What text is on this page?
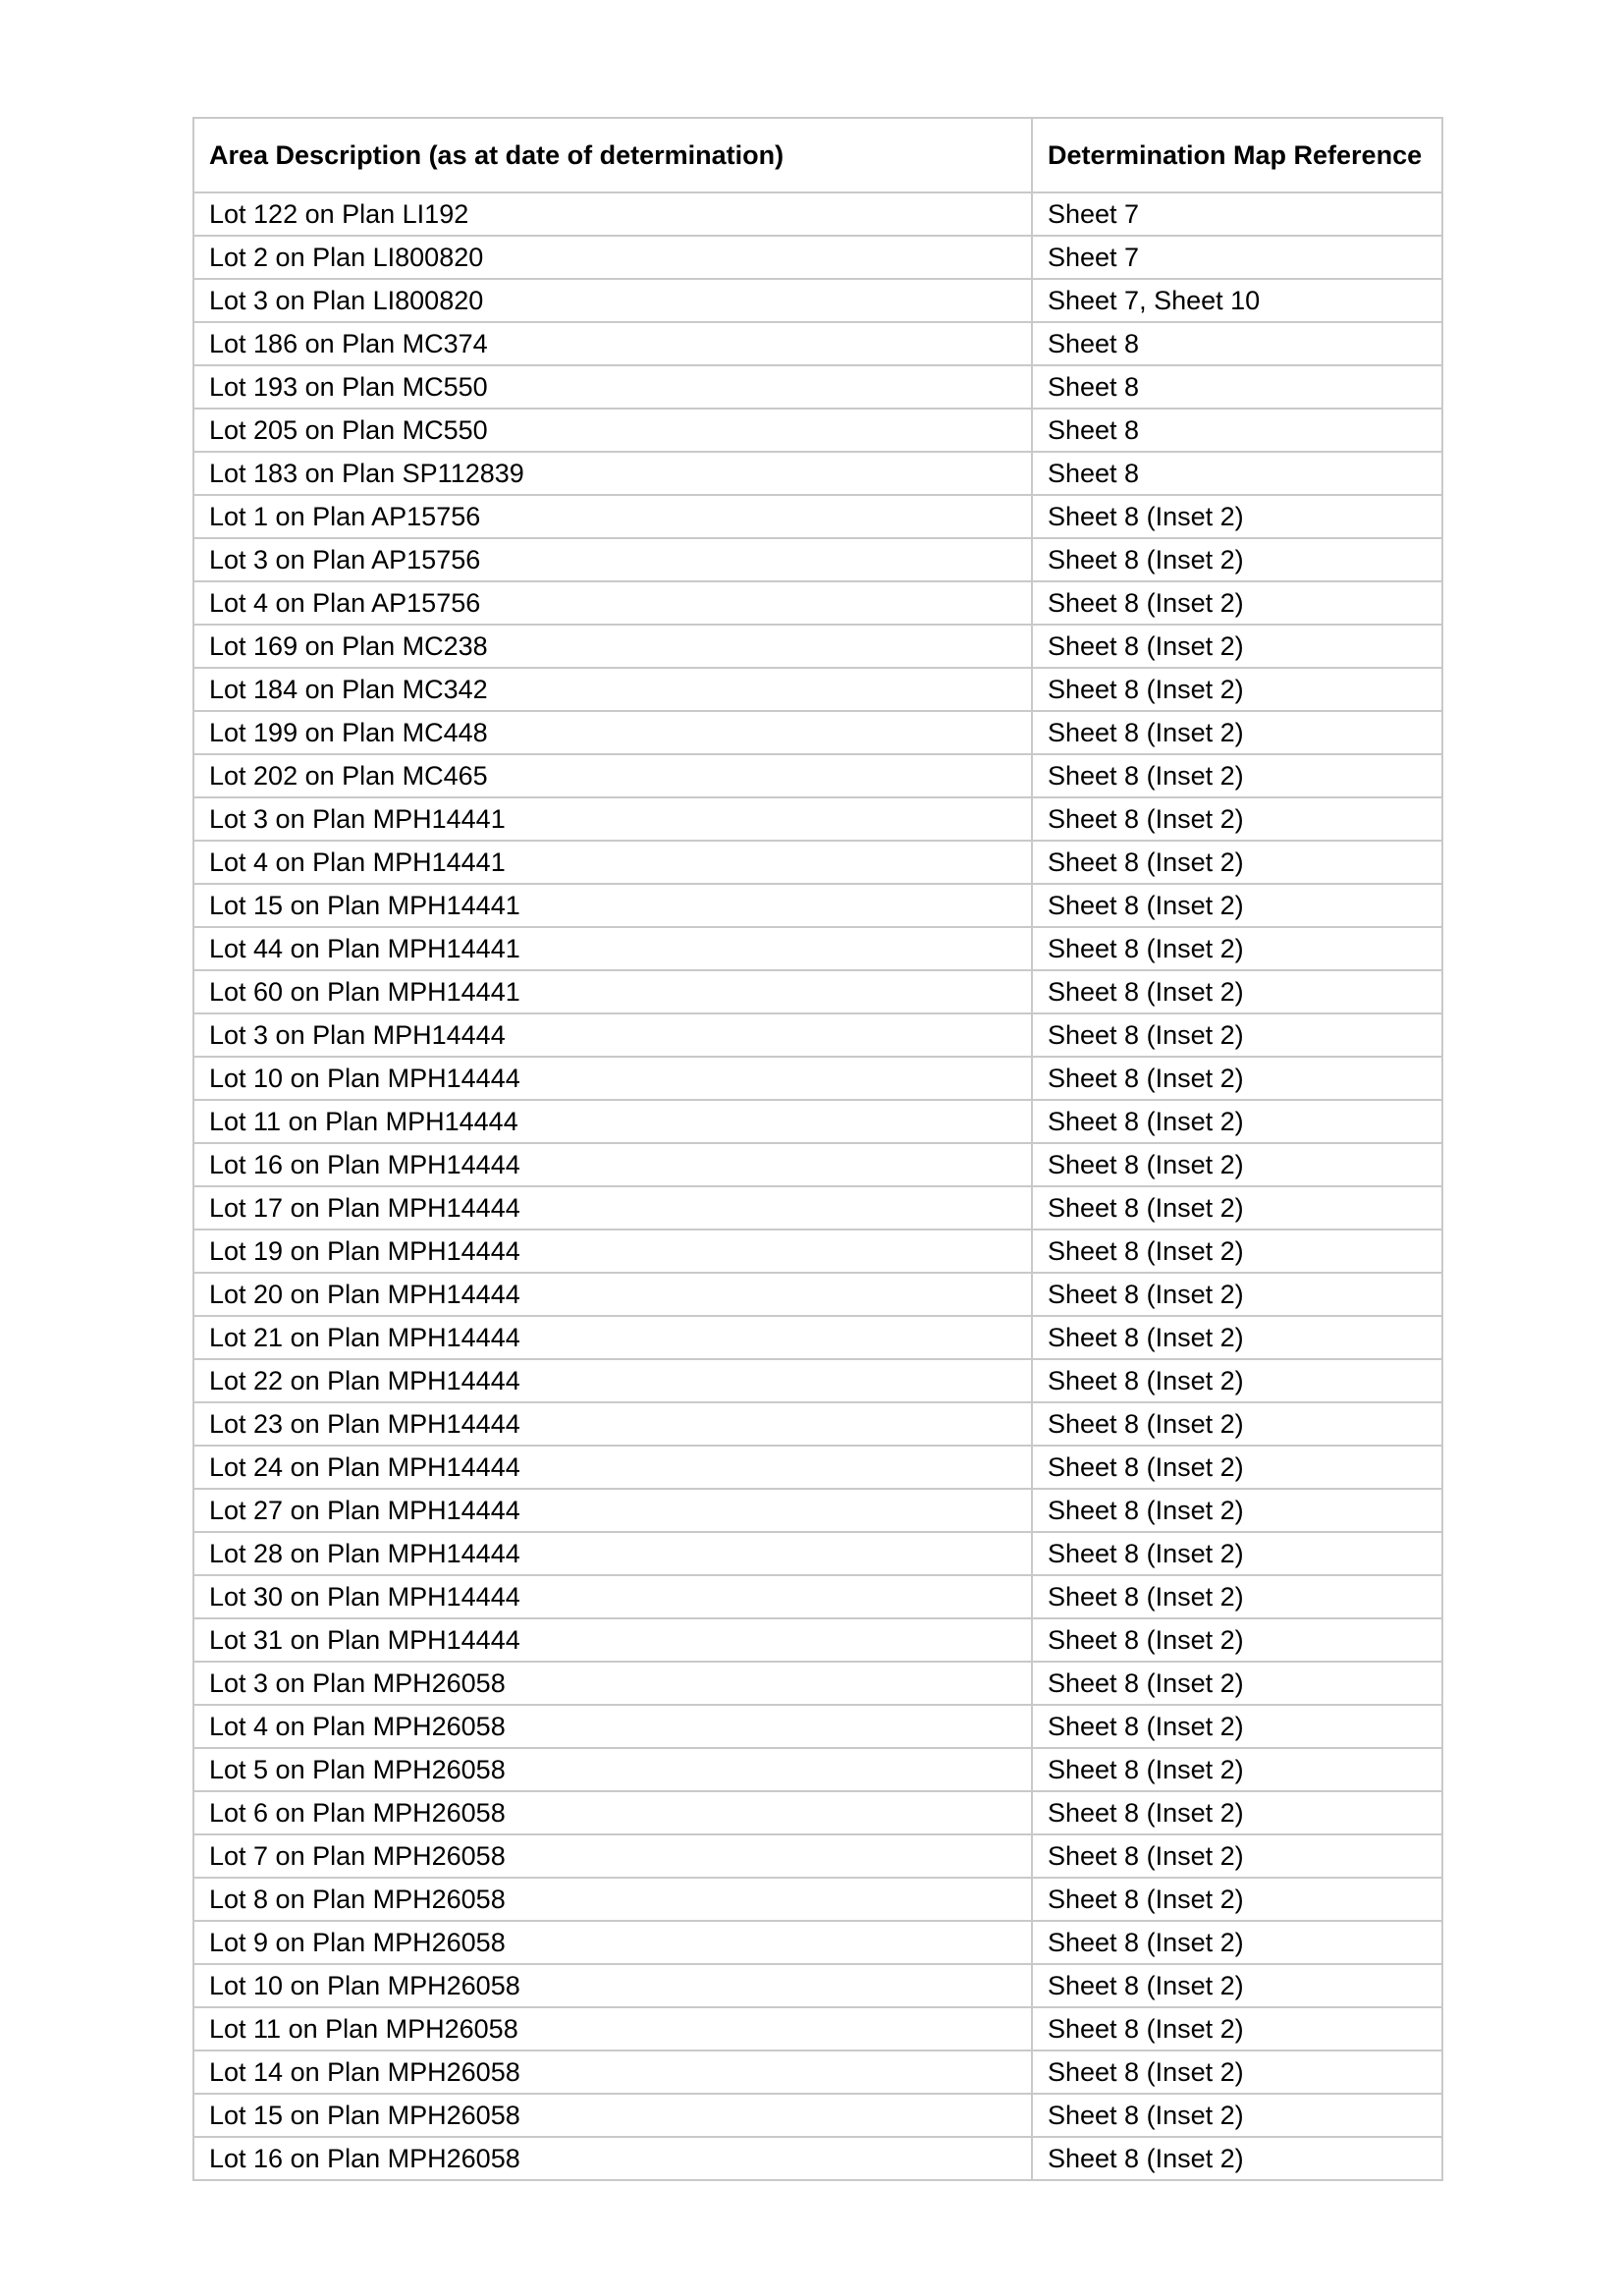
Area Description (as at date of determination)	Determination Map Reference
Lot 122 on Plan LI192	Sheet 7
Lot 2 on Plan LI800820	Sheet 7
Lot 3 on Plan LI800820	Sheet 7, Sheet 10
Lot 186 on Plan MC374	Sheet 8
Lot 193 on Plan MC550	Sheet 8
Lot 205 on Plan MC550	Sheet 8
Lot 183 on Plan SP112839	Sheet 8
Lot 1 on Plan AP15756	Sheet 8 (Inset 2)
Lot 3 on Plan AP15756	Sheet 8 (Inset 2)
Lot 4 on Plan AP15756	Sheet 8 (Inset 2)
Lot 169 on Plan MC238	Sheet 8 (Inset 2)
Lot 184 on Plan MC342	Sheet 8 (Inset 2)
Lot 199 on Plan MC448	Sheet 8 (Inset 2)
Lot 202 on Plan MC465	Sheet 8 (Inset 2)
Lot 3 on Plan MPH14441	Sheet 8 (Inset 2)
Lot 4 on Plan MPH14441	Sheet 8 (Inset 2)
Lot 15 on Plan MPH14441	Sheet 8 (Inset 2)
Lot 44 on Plan MPH14441	Sheet 8 (Inset 2)
Lot 60 on Plan MPH14441	Sheet 8 (Inset 2)
Lot 3 on Plan MPH14444	Sheet 8 (Inset 2)
Lot 10 on Plan MPH14444	Sheet 8 (Inset 2)
Lot 11 on Plan MPH14444	Sheet 8 (Inset 2)
Lot 16 on Plan MPH14444	Sheet 8 (Inset 2)
Lot 17 on Plan MPH14444	Sheet 8 (Inset 2)
Lot 19 on Plan MPH14444	Sheet 8 (Inset 2)
Lot 20 on Plan MPH14444	Sheet 8 (Inset 2)
Lot 21 on Plan MPH14444	Sheet 8 (Inset 2)
Lot 22 on Plan MPH14444	Sheet 8 (Inset 2)
Lot 23 on Plan MPH14444	Sheet 8 (Inset 2)
Lot 24 on Plan MPH14444	Sheet 8 (Inset 2)
Lot 27 on Plan MPH14444	Sheet 8 (Inset 2)
Lot 28 on Plan MPH14444	Sheet 8 (Inset 2)
Lot 30 on Plan MPH14444	Sheet 8 (Inset 2)
Lot 31 on Plan MPH14444	Sheet 8 (Inset 2)
Lot 3 on Plan MPH26058	Sheet 8 (Inset 2)
Lot 4 on Plan MPH26058	Sheet 8 (Inset 2)
Lot 5 on Plan MPH26058	Sheet 8 (Inset 2)
Lot 6 on Plan MPH26058	Sheet 8 (Inset 2)
Lot 7 on Plan MPH26058	Sheet 8 (Inset 2)
Lot 8 on Plan MPH26058	Sheet 8 (Inset 2)
Lot 9 on Plan MPH26058	Sheet 8 (Inset 2)
Lot 10 on Plan MPH26058	Sheet 8 (Inset 2)
Lot 11 on Plan MPH26058	Sheet 8 (Inset 2)
Lot 14 on Plan MPH26058	Sheet 8 (Inset 2)
Lot 15 on Plan MPH26058	Sheet 8 (Inset 2)
Lot 16 on Plan MPH26058	Sheet 8 (Inset 2)
